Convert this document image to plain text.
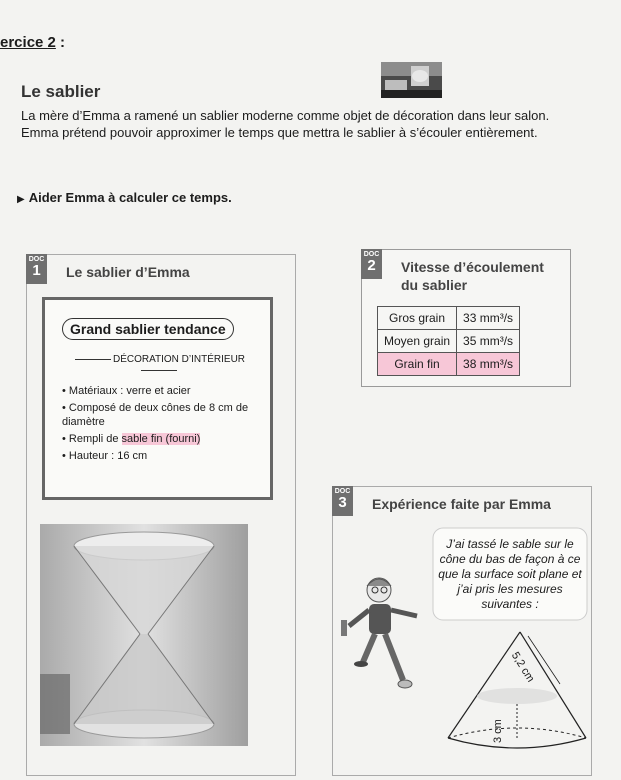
ercice 2 :
Le sablier

La mère d’Emma a ramené un sablier moderne comme objet de décoration dans leur salon.

Emma prétend pouvoir approximer le temps que mettra le sablier à s’écouler entièrement.

▶ Aider Emma à calculer ce temps.
DOC
1	Le sablier d’Emma
Grand sablier tendance
DÉCORATION D’INTÉRIEUR
• Matériaux : verre et acier
• Composé de deux cônes de 8 cm de diamètre
• Rempli de sable fin (fourni)
• Hauteur : 16 cm
DOC
2	Vitesse d’écoulement
du sablier
Gros grain	33 mm³/s
Moyen grain	35 mm³/s
Grain fin	38 mm³/s
DOC
3	Expérience faite par Emma
J’ai tassé le sable sur le cône du bas de façon à ce que la surface soit plane et j’ai pris les mesures suivantes :
5,2 cm
3 cm
